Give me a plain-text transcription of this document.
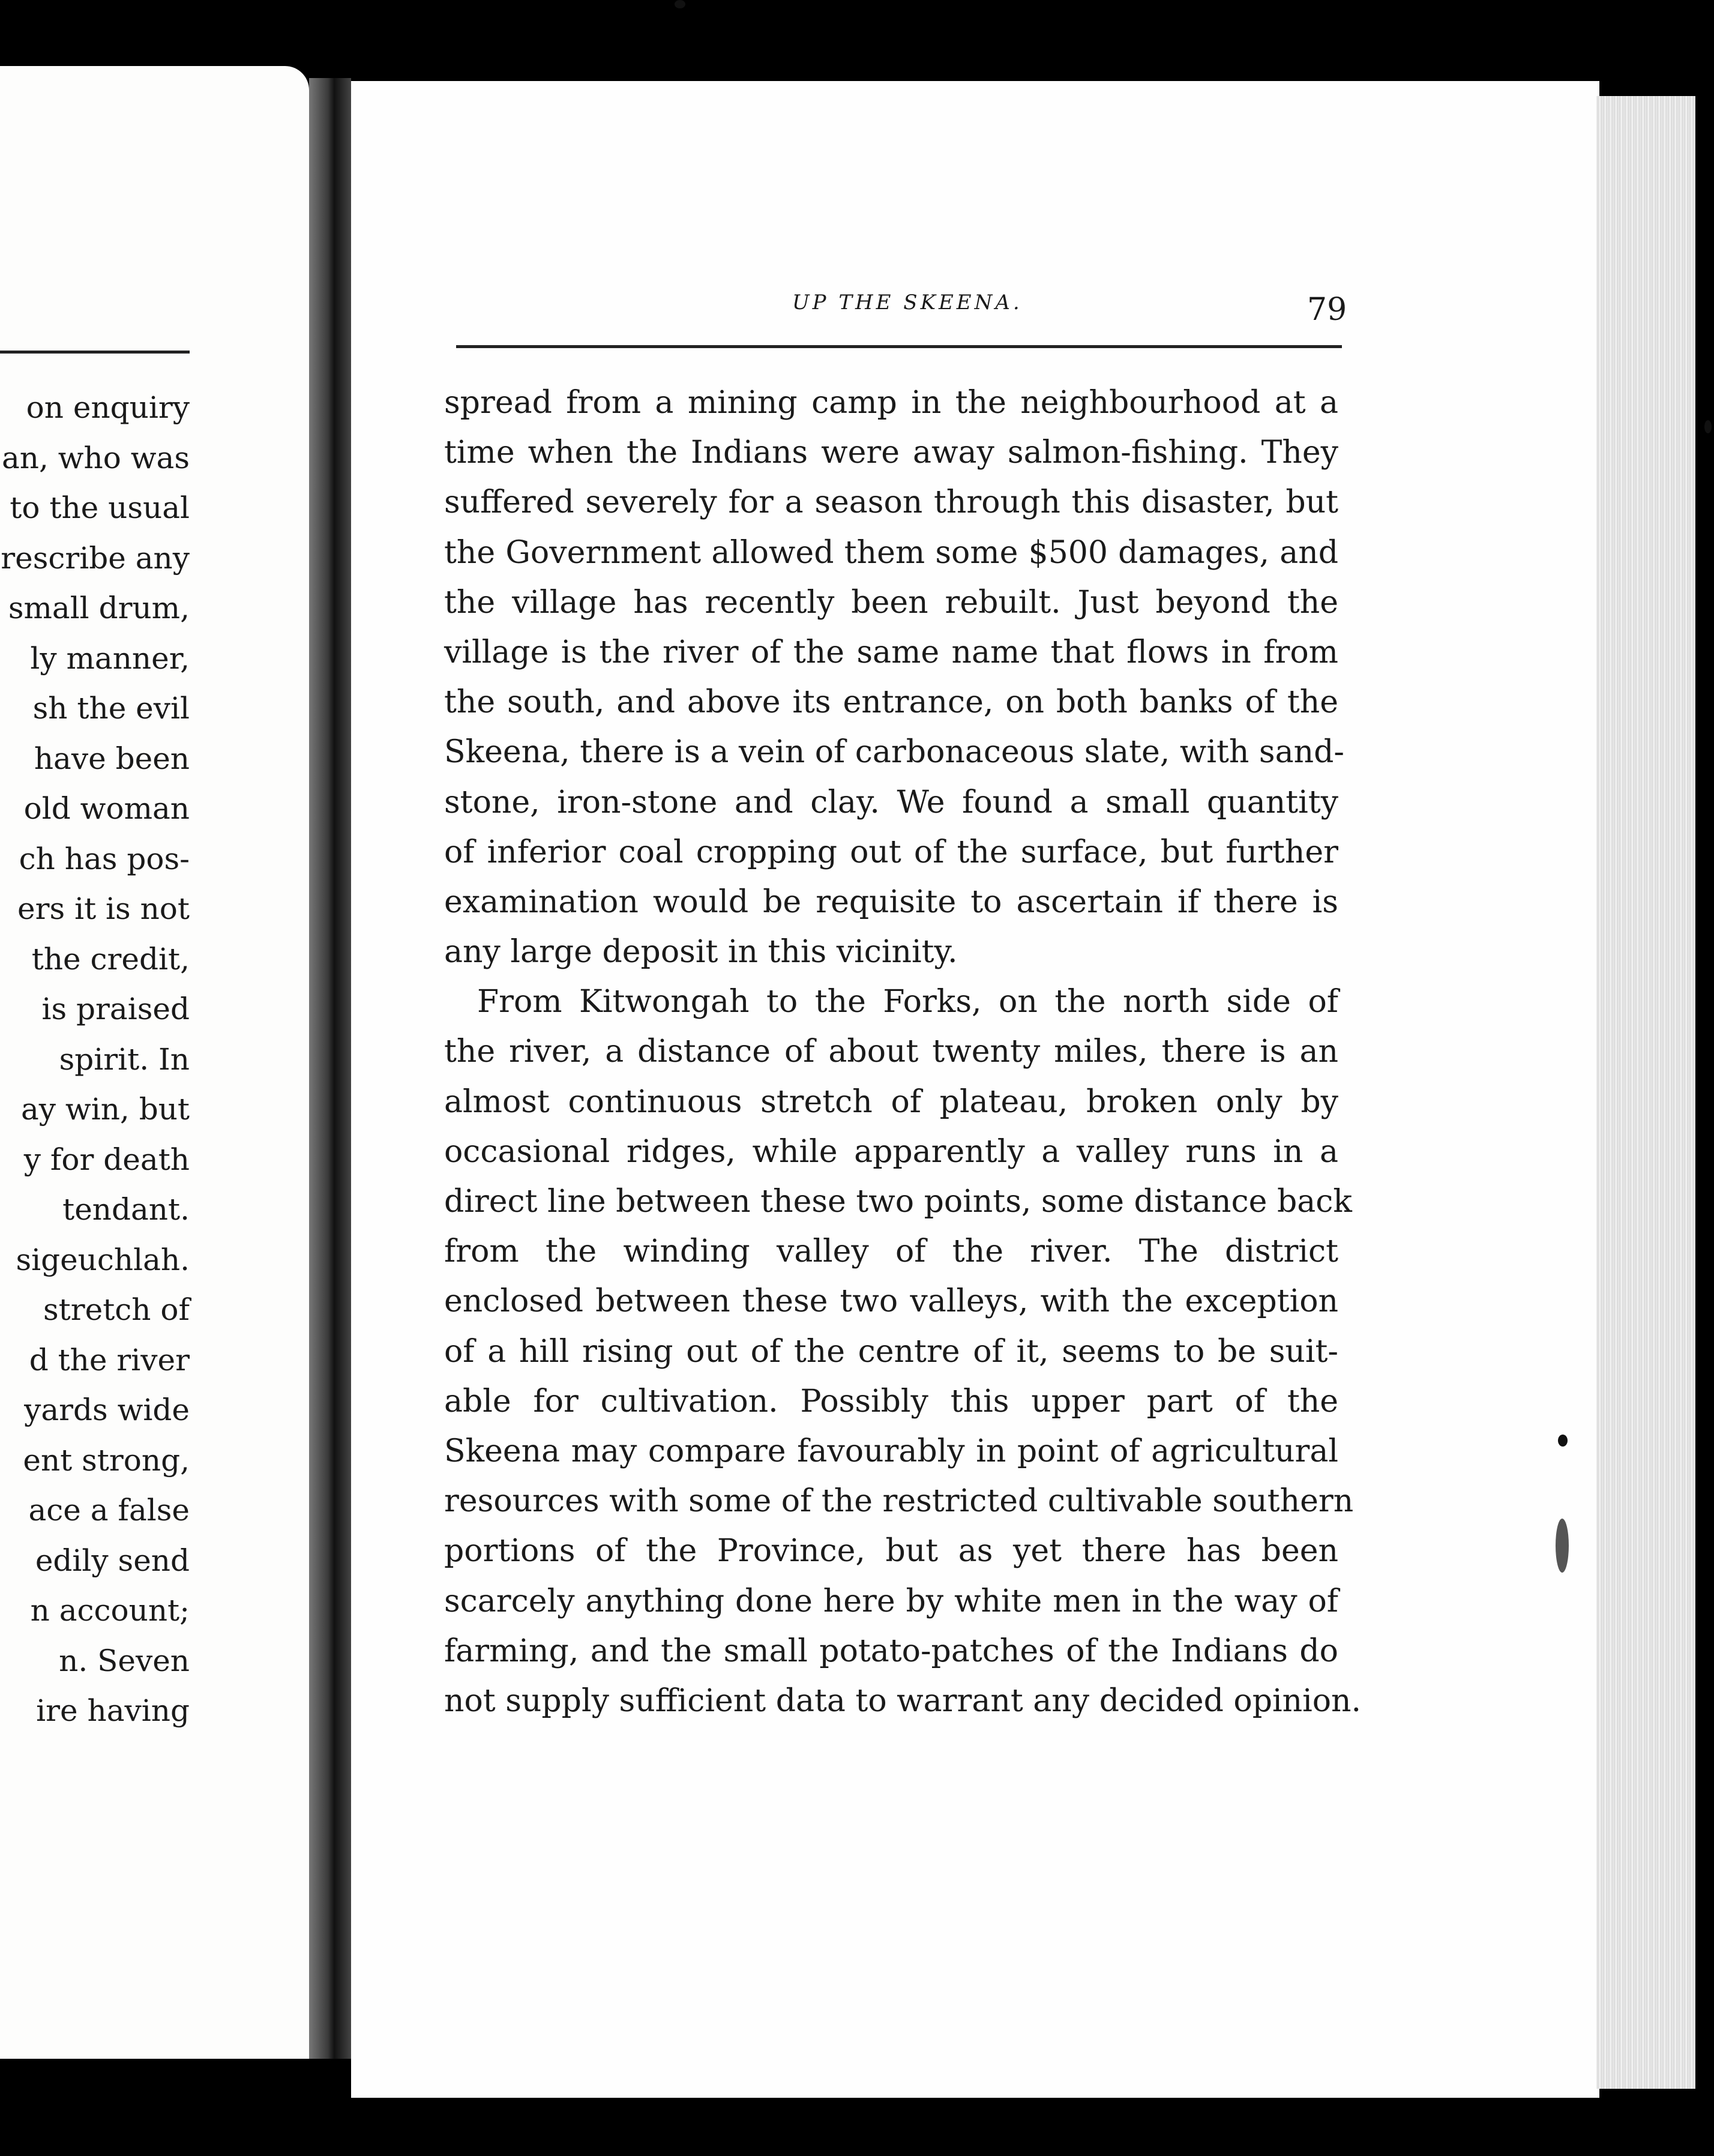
on enquiry
an, who was
to the usual
rescribe any
small drum,
ly manner,
sh the evil
have been
old woman
ch has pos-
ers it is not
the credit,
is praised
spirit. In
ay win, but
y for death
tendant.
sigeuchlah.
stretch of
d the river
yards wide
ent strong,
ace a false
edily send
n account;
n. Seven
ire having
UP THE SKEENA.	79

spread from a mining camp in the neighbourhood at a
time when the Indians were away salmon-fishing. They
suffered severely for a season through this disaster, but
the Government allowed them some $500 damages, and
the village has recently been rebuilt. Just beyond the
village is the river of the same name that flows in from
the south, and above its entrance, on both banks of the
Skeena, there is a vein of carbonaceous slate, with sand-
stone, iron-stone and clay. We found a small quantity
of inferior coal cropping out of the surface, but further
examination would be requisite to ascertain if there is
any large deposit in this vicinity.

From Kitwongah to the Forks, on the north side of
the river, a distance of about twenty miles, there is an
almost continuous stretch of plateau, broken only by
occasional ridges, while apparently a valley runs in a
direct line between these two points, some distance back
from the winding valley of the river. The district
enclosed between these two valleys, with the exception
of a hill rising out of the centre of it, seems to be suit-
able for cultivation. Possibly this upper part of the
Skeena may compare favourably in point of agricultural
resources with some of the restricted cultivable southern
portions of the Province, but as yet there has been
scarcely anything done here by white men in the way of
farming, and the small potato-patches of the Indians do
not supply sufficient data to warrant any decided opinion.
